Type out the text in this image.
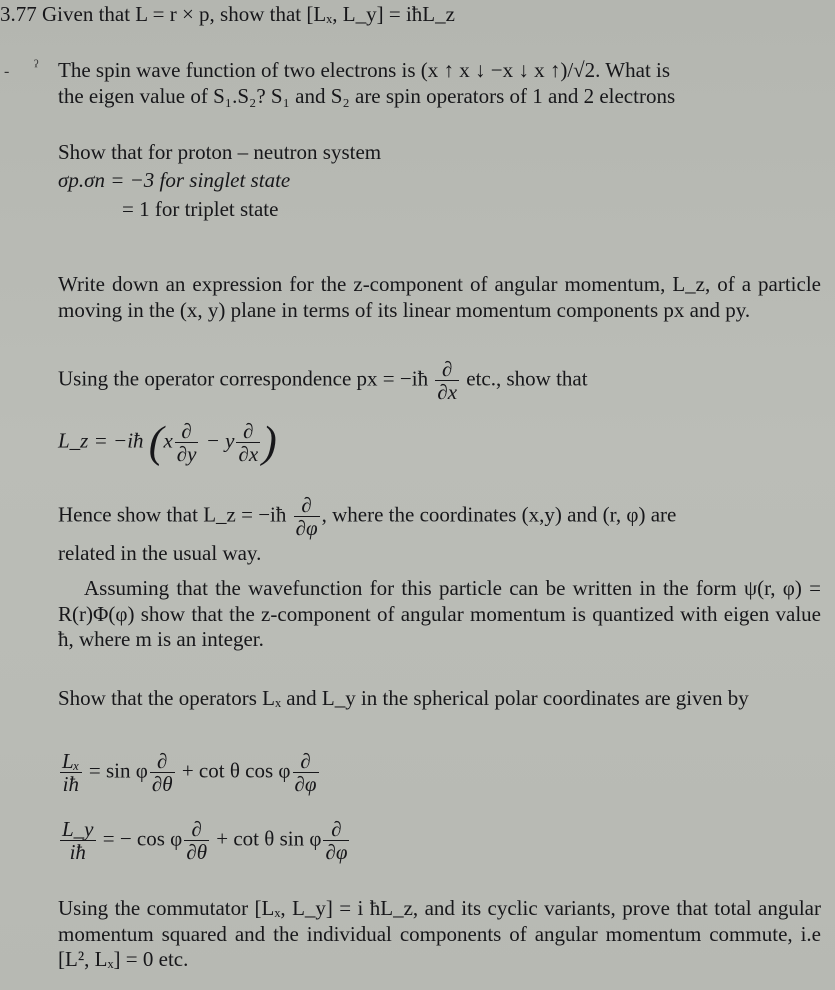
‐ ˀ
3.77 Given that L = r × p, show that [Lₓ, L_y] = iħL_z
The spin wave function of two electrons is (x ↑ x ↓ −x ↓ x ↑)/√2. What is
the eigen value of S₁.S₂? S₁ and S₂ are spin operators of 1 and 2 electrons
Show that for proton – neutron system
σp.σn = −3 for singlet state
= 1 for triplet state
Write down an expression for the z-component of angular momentum, L_z, of a particle moving in the (x, y) plane in terms of its linear momentum components px and py.
Using the operator correspondence px = −iħ $\frac{\partial}{\partial x}$ etc., show that
L_z = −iħ ($x \frac{\partial}{\partial y} - y \frac{\partial}{\partial x}$ )
Hence show that L_z = −iħ $\frac{\partial}{\partial\varphi}$ , where the coordinates (x,y) and (r, φ) are
related in the usual way.
Assuming that the wavefunction for this particle can be written in the form ψ(r, φ) = R(r)Φ(φ) show that the z-component of angular momentum is quantized with eigen value ħ, where m is an integer.
Show that the operators Lₓ and L_y in the spherical polar coordinates are given by
$\frac{\text{Lₓ}}{iħ} = \sin \varphi \frac{\partial}{\partial\theta} + \cot \theta$ cos φ $\frac{\partial}{\partial\varphi}$
$\frac{L\_y}{iħ}$ = − cos φ $\frac{\partial}{\partial\theta} + \cot \theta$ sin φ $\frac{\partial}{\partial\varphi}$
Using the commutator [Lₓ, L_y] = i ħL_z, and its cyclic variants, prove that total angular momentum squared and the individual components of angular momentum commute, i.e [L², Lₓ] = 0 etc.
